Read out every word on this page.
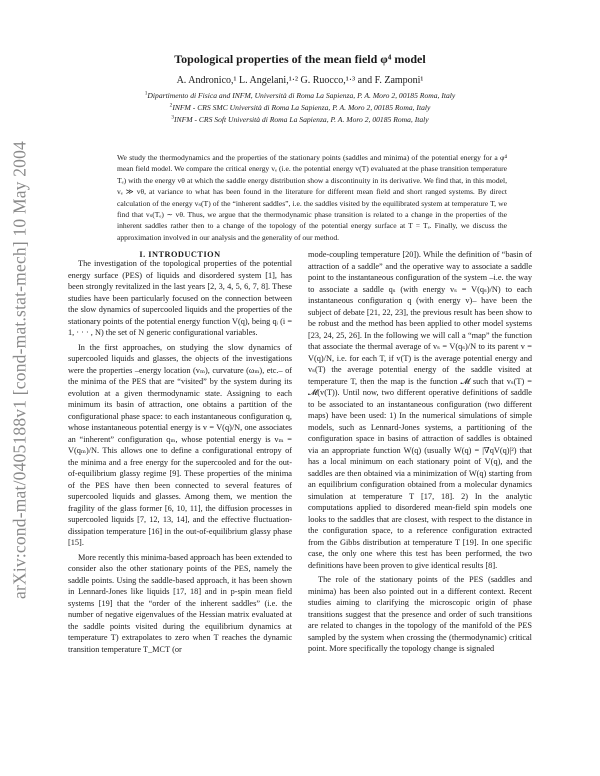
arXiv:cond-mat/0405188v1 [cond-mat.stat-mech] 10 May 2004
Topological properties of the mean field φ⁴ model
A. Andronico,¹ L. Angelani,¹·² G. Ruocco,¹·³ and F. Zamponi¹
$^1$Dipartimento di Fisica and INFM, Università di Roma La Sapienza, P. A. Moro 2, 00185 Roma, Italy
$^2$INFM - CRS SMC Università di Roma La Sapienza, P. A. Moro 2, 00185 Roma, Italy
$^3$INFM - CRS Soft Università di Roma La Sapienza, P. A. Moro 2, 00185 Roma, Italy

We study the thermodynamics and the properties of the stationary points (saddles and minima) of the potential energy for a φ⁴ mean field model. We compare the critical energy vₑ (i.e. the potential energy v(T) evaluated at the phase transition temperature Tₑ) with the energy vθ at which the saddle energy distribution show a discontinuity in its derivative. We find that, in this model, vₑ ≫ vθ, at variance to what has been found in the literature for different mean field and short ranged systems. By direct calculation of the energy vₛ(T) of the “inherent saddles”, i.e. the saddles visited by the equilibrated system at temperature T, we find that vₛ(Tₑ) ∼ vθ. Thus, we argue that the thermodynamic phase transition is related to a change in the properties of the inherent saddles rather then to a change of the topology of the potential energy surface at T = Tₑ. Finally, we discuss the approximation involved in our analysis and the generality of our method.

I. INTRODUCTION

The investigation of the topological properties of the potential energy surface (PES) of liquids and disordered system [1], has been strongly revitalized in the last years [2, 3, 4, 5, 6, 7, 8]. These studies have been particularly focused on the connection between the slow dynamics of supercooled liquids and the properties of the stationary points of the potential energy function V(q), being qᵢ (i = 1, · · · , N) the set of N generic configurational variables.

In the first approaches, on studying the slow dynamics of supercooled liquids and glasses, the objects of the investigations were the properties –energy location (vₘ), curvature (ωₘ), etc.– of the minima of the PES that are “visited” by the system during its evolution at a given thermodynamic state. Assigning to each minimum its basin of attraction, one obtains a partition of the configurational phase space: to each instantaneous configuration q, whose instantaneous potential energy is v = V(q)/N, one associates an “inherent” configuration qₘ, whose potential energy is vₘ = V(qₘ)/N. This allows one to define a configurational entropy of the minima and a free energy for the supercooled and for the out-of-equilibrium glassy regime [9]. These properties of the minima of the PES have then been connected to several features of supercooled liquids and glasses. Among them, we mention the fragility of the glass former [6, 10, 11], the diffusion processes in supercooled liquids [7, 12, 13, 14], and the effective fluctuation-dissipation temperature [16] in the out-of-equilibrium glassy phase [15].

More recently this minima-based approach has been extended to consider also the other stationary points of the PES, namely the saddle points. Using the saddle-based approach, it has been shown in Lennard-Jones like liquids [17, 18] and in p-spin mean field systems [19] that the “order of the inherent saddles” (i.e. the number of negative eigenvalues of the Hessian matrix evaluated at the saddle points visited during the equilibrium dynamics at temperature T) extrapolates to zero when T reaches the dynamic transition temperature T_MCT (or

mode-coupling temperature [20]). While the definition of “basin of attraction of a saddle” and the operative way to associate a saddle point to the instantaneous configuration of the system –i.e. the way to associate a saddle qₛ (with energy vₛ = V(qₛ)/N) to each instantaneous configuration q (with energy v)– have been the subject of debate [21, 22, 23], the previous result has been show to be robust and the method has been applied to other model systems [23, 24, 25, 26]. In the following we will call a “map” the function that associate the thermal average of vₛ = V(qₛ)/N to its parent v = V(q)/N, i.e. for each T, if v(T) is the average potential energy and vₛ(T) the average potential energy of the saddle visited at temperature T, then the map is the function 𝓜 such that vₛ(T) = 𝓜(v(T)). Until now, two different operative definitions of saddle to be associated to an instantaneous configuration (two different maps) have been used: 1) In the numerical simulations of simple models, such as Lennard-Jones systems, a partitioning of the configuration space in basins of attraction of saddles is obtained via an appropriate function W(q) (usually W(q) = |∇qV(q)|²) that has a local minimum on each stationary point of V(q), and the saddles are then obtained via a minimization of W(q) starting from an equilibrium configuration obtained from a molecular dynamics simulation at temperature T [17, 18]. 2) In the analytic computations applied to disordered mean-field spin models one looks to the saddles that are closest, with respect to the distance in the configuration space, to a reference configuration extracted from the Gibbs distribution at temperature T [19]. In one specific case, the only one where this test has been performed, the two definitions have been proven to give identical results [8].

The role of the stationary points of the PES (saddles and minima) has been also pointed out in a different context. Recent studies aiming to clarifying the microscopic origin of phase transitions suggest that the presence and order of such transitions are related to changes in the topology of the manifold of the PES sampled by the system when crossing the (thermodynamic) critical point. More specifically the topology change is signaled
